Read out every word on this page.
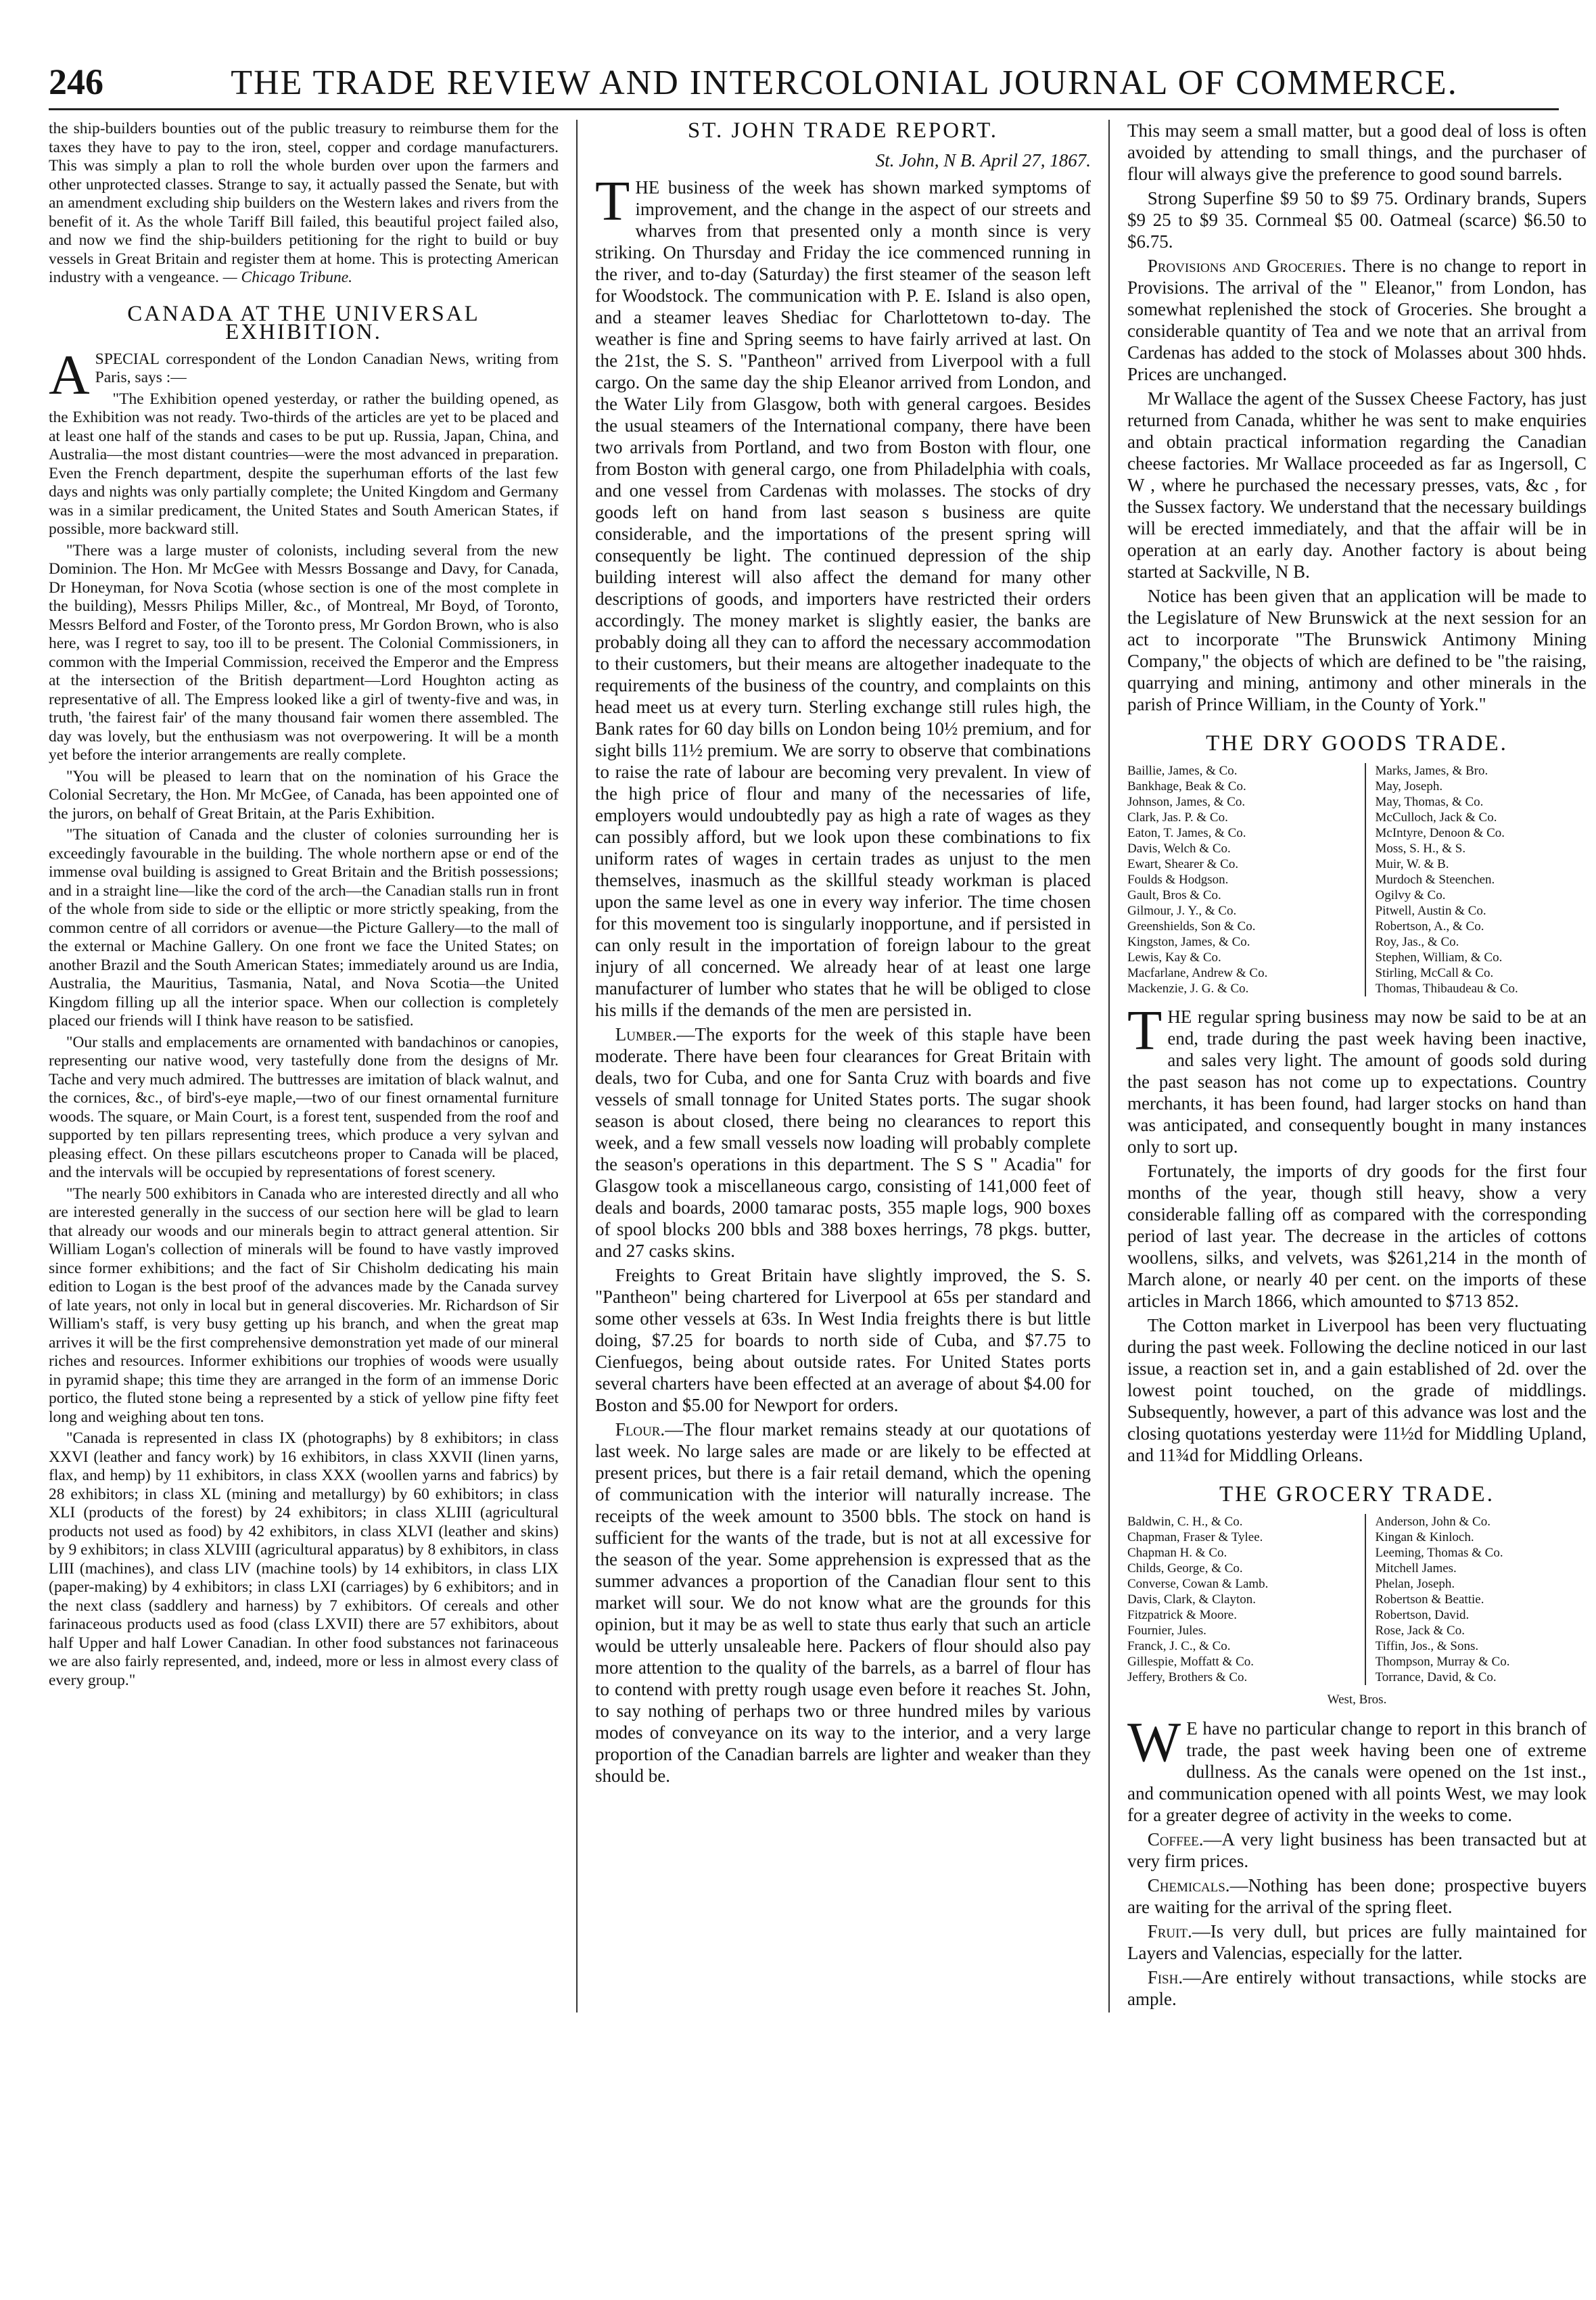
246	THE TRADE REVIEW AND INTERCOLONIAL JOURNAL OF COMMERCE.

the ship-builders bounties out of the public treasury to reimburse them for the taxes they have to pay to the iron, steel, copper and cordage manufacturers. This was simply a plan to roll the whole burden over upon the farmers and other unprotected classes. Strange to say, it actually passed the Senate, but with an amendment excluding ship builders on the Western lakes and rivers from the benefit of it. As the whole Tariff Bill failed, this beautiful project failed also, and now we find the ship-builders petitioning for the right to build or buy vessels in Great Britain and register them at home. This is protecting American industry with a vengeance. — Chicago Tribune.

CANADA AT THE UNIVERSAL EXHIBITION.

ASPECIAL correspondent of the London Canadian News, writing from Paris, says :—

"The Exhibition opened yesterday, or rather the building opened, as the Exhibition was not ready. Two-thirds of the articles are yet to be placed and at least one half of the stands and cases to be put up. Russia, Japan, China, and Australia—the most distant countries—were the most advanced in preparation. Even the French department, despite the superhuman efforts of the last few days and nights was only partially complete; the United Kingdom and Germany was in a similar predicament, the United States and South American States, if possible, more backward still.

"There was a large muster of colonists, including several from the new Dominion. The Hon. Mr McGee with Messrs Bossange and Davy, for Canada, Dr Honeyman, for Nova Scotia (whose section is one of the most complete in the building), Messrs Philips Miller, &c., of Montreal, Mr Boyd, of Toronto, Messrs Belford and Foster, of the Toronto press, Mr Gordon Brown, who is also here, was I regret to say, too ill to be present. The Colonial Commissioners, in common with the Imperial Commission, received the Emperor and the Empress at the intersection of the British department—Lord Houghton acting as representative of all. The Empress looked like a girl of twenty-five and was, in truth, 'the fairest fair' of the many thousand fair women there assembled. The day was lovely, but the enthusiasm was not overpowering. It will be a month yet before the interior arrangements are really complete.

"You will be pleased to learn that on the nomination of his Grace the Colonial Secretary, the Hon. Mr McGee, of Canada, has been appointed one of the jurors, on behalf of Great Britain, at the Paris Exhibition.

"The situation of Canada and the cluster of colonies surrounding her is exceedingly favourable in the building. The whole northern apse or end of the immense oval building is assigned to Great Britain and the British possessions; and in a straight line—like the cord of the arch—the Canadian stalls run in front of the whole from side to side or the elliptic or more strictly speaking, from the common centre of all corridors or avenue—the Picture Gallery—to the mall of the external or Machine Gallery. On one front we face the United States; on another Brazil and the South American States; immediately around us are India, Australia, the Mauritius, Tasmania, Natal, and Nova Scotia—the United Kingdom filling up all the interior space. When our collection is completely placed our friends will I think have reason to be satisfied.

"Our stalls and emplacements are ornamented with bandachinos or canopies, representing our native wood, very tastefully done from the designs of Mr. Tache and very much admired. The buttresses are imitation of black walnut, and the cornices, &c., of bird's-eye maple,—two of our finest ornamental furniture woods. The square, or Main Court, is a forest tent, suspended from the roof and supported by ten pillars representing trees, which produce a very sylvan and pleasing effect. On these pillars escutcheons proper to Canada will be placed, and the intervals will be occupied by representations of forest scenery.

"The nearly 500 exhibitors in Canada who are interested directly and all who are interested generally in the success of our section here will be glad to learn that already our woods and our minerals begin to attract general attention. Sir William Logan's collection of minerals will be found to have vastly improved since former exhibitions; and the fact of Sir Chisholm dedicating his main edition to Logan is the best proof of the advances made by the Canada survey of late years, not only in local but in general discoveries. Mr. Richardson of Sir William's staff, is very busy getting up his branch, and when the great map arrives it will be the first comprehensive demonstration yet made of our mineral riches and resources. Informer exhibitions our trophies of woods were usually in pyramid shape; this time they are arranged in the form of an immense Doric portico, the fluted stone being a represented by a stick of yellow pine fifty feet long and weighing about ten tons.

"Canada is represented in class IX (photographs) by 8 exhibitors; in class XXVI (leather and fancy work) by 16 exhibitors, in class XXVII (linen yarns, flax, and hemp) by 11 exhibitors, in class XXX (woollen yarns and fabrics) by 28 exhibitors; in class XL (mining and metallurgy) by 60 exhibitors; in class XLI (products of the forest) by 24 exhibitors; in class XLIII (agricultural products not used as food) by 42 exhibitors, in class XLVI (leather and skins) by 9 exhibitors; in class XLVIII (agricultural apparatus) by 8 exhibitors, in class LIII (machines), and class LIV (machine tools) by 14 exhibitors, in class LIX (paper-making) by 4 exhibitors; in class LXI (carriages) by 6 exhibitors; and in the next class (saddlery and harness) by 7 exhibitors. Of cereals and other farinaceous products used as food (class LXVII) there are 57 exhibitors, about half Upper and half Lower Canadian. In other food substances not farinaceous we are also fairly represented, and, indeed, more or less in almost every class of every group."

ST. JOHN TRADE REPORT.
St. John, N B. April 27, 1867.

THE business of the week has shown marked symptoms of improvement, and the change in the aspect of our streets and wharves from that presented only a month since is very striking. On Thursday and Friday the ice commenced running in the river, and to-day (Saturday) the first steamer of the season left for Woodstock. The communication with P. E. Island is also open, and a steamer leaves Shediac for Charlottetown to-day. The weather is fine and Spring seems to have fairly arrived at last. On the 21st, the S. S. "Pantheon" arrived from Liverpool with a full cargo. On the same day the ship Eleanor arrived from London, and the Water Lily from Glasgow, both with general cargoes. Besides the usual steamers of the International company, there have been two arrivals from Portland, and two from Boston with flour, one from Boston with general cargo, one from Philadelphia with coals, and one vessel from Cardenas with molasses. The stocks of dry goods left on hand from last season s business are quite considerable, and the importations of the present spring will consequently be light. The continued depression of the ship building interest will also affect the demand for many other descriptions of goods, and importers have restricted their orders accordingly. The money market is slightly easier, the banks are probably doing all they can to afford the necessary accommodation to their customers, but their means are altogether inadequate to the requirements of the business of the country, and complaints on this head meet us at every turn. Sterling exchange still rules high, the Bank rates for 60 day bills on London being 10½ premium, and for sight bills 11½ premium. We are sorry to observe that combinations to raise the rate of labour are becoming very prevalent. In view of the high price of flour and many of the necessaries of life, employers would undoubtedly pay as high a rate of wages as they can possibly afford, but we look upon these combinations to fix uniform rates of wages in certain trades as unjust to the men themselves, inasmuch as the skillful steady workman is placed upon the same level as one in every way inferior. The time chosen for this movement too is singularly inopportune, and if persisted in can only result in the importation of foreign labour to the great injury of all concerned. We already hear of at least one large manufacturer of lumber who states that he will be obliged to close his mills if the demands of the men are persisted in.

Lumber.—The exports for the week of this staple have been moderate. There have been four clearances for Great Britain with deals, two for Cuba, and one for Santa Cruz with boards and five vessels of small tonnage for United States ports. The sugar shook season is about closed, there being no clearances to report this week, and a few small vessels now loading will probably complete the season's operations in this department. The S S " Acadia" for Glasgow took a miscellaneous cargo, consisting of 141,000 feet of deals and boards, 2000 tamarac posts, 355 maple logs, 900 boxes of spool blocks 200 bbls and 388 boxes herrings, 78 pkgs. butter, and 27 casks skins.

Freights to Great Britain have slightly improved, the S. S. "Pantheon" being chartered for Liverpool at 65s per standard and some other vessels at 63s. In West India freights there is but little doing, $7.25 for boards to north side of Cuba, and $7.75 to Cienfuegos, being about outside rates. For United States ports several charters have been effected at an average of about $4.00 for Boston and $5.00 for Newport for orders.

Flour.—The flour market remains steady at our quotations of last week. No large sales are made or are likely to be effected at present prices, but there is a fair retail demand, which the opening of communication with the interior will naturally increase. The receipts of the week amount to 3500 bbls. The stock on hand is sufficient for the wants of the trade, but is not at all excessive for the season of the year. Some apprehension is expressed that as the summer advances a proportion of the Canadian flour sent to this market will sour. We do not know what are the grounds for this opinion, but it may be as well to state thus early that such an article would be utterly unsaleable here. Packers of flour should also pay more attention to the quality of the barrels, as a barrel of flour has to contend with pretty rough usage even before it reaches St. John, to say nothing of perhaps two or three hundred miles by various modes of conveyance on its way to the interior, and a very large proportion of the Canadian barrels are lighter and weaker than they should be.

This may seem a small matter, but a good deal of loss is often avoided by attending to small things, and the purchaser of flour will always give the preference to good sound barrels.

Strong Superfine $9 50 to $9 75. Ordinary brands, Supers $9 25 to $9 35. Cornmeal $5 00. Oatmeal (scarce) $6.50 to $6.75.

Provisions and Groceries. There is no change to report in Provisions. The arrival of the " Eleanor," from London, has somewhat replenished the stock of Groceries. She brought a considerable quantity of Tea and we note that an arrival from Cardenas has added to the stock of Molasses about 300 hhds. Prices are unchanged.

Mr Wallace the agent of the Sussex Cheese Factory, has just returned from Canada, whither he was sent to make enquiries and obtain practical information regarding the Canadian cheese factories. Mr Wallace proceeded as far as Ingersoll, C W , where he purchased the necessary presses, vats, &c , for the Sussex factory. We understand that the necessary buildings will be erected immediately, and that the affair will be in operation at an early day. Another factory is about being started at Sackville, N B.

Notice has been given that an application will be made to the Legislature of New Brunswick at the next session for an act to incorporate "The Brunswick Antimony Mining Company," the objects of which are defined to be "the raising, quarrying and mining, antimony and other minerals in the parish of Prince William, in the County of York."

THE DRY GOODS TRADE.
Baillie, James, & Co.
Bankhage, Beak & Co.
Johnson, James, & Co.
Clark, Jas. P. & Co.
Eaton, T. James, & Co.
Davis, Welch & Co.
Ewart, Shearer & Co.
Foulds & Hodgson.
Gault, Bros & Co.
Gilmour, J. Y., & Co.
Greenshields, Son & Co.
Kingston, James, & Co.
Lewis, Kay & Co.
Macfarlane, Andrew & Co.
Mackenzie, J. G. & Co.
Marks, James, & Bro.
May, Joseph.
May, Thomas, & Co.
McCulloch, Jack & Co.
McIntyre, Denoon & Co.
Moss, S. H., & S.
Muir, W. & B.
Murdoch & Steenchen.
Ogilvy & Co.
Pitwell, Austin & Co.
Robertson, A., & Co.
Roy, Jas., & Co.
Stephen, William, & Co.
Stirling, McCall & Co.
Thomas, Thibaudeau & Co.

THE regular spring business may now be said to be at an end, trade during the past week having been inactive, and sales very light. The amount of goods sold during the past season has not come up to expectations. Country merchants, it has been found, had larger stocks on hand than was anticipated, and consequently bought in many instances only to sort up.

Fortunately, the imports of dry goods for the first four months of the year, though still heavy, show a very considerable falling off as compared with the corresponding period of last year. The decrease in the articles of cottons woollens, silks, and velvets, was $261,214 in the month of March alone, or nearly 40 per cent. on the imports of these articles in March 1866, which amounted to $713 852.

The Cotton market in Liverpool has been very fluctuating during the past week. Following the decline noticed in our last issue, a reaction set in, and a gain established of 2d. over the lowest point touched, on the grade of middlings. Subsequently, however, a part of this advance was lost and the closing quotations yesterday were 11½d for Middling Upland, and 11¾d for Middling Orleans.

THE GROCERY TRADE.
Baldwin, C. H., & Co.
Chapman, Fraser & Tylee.
Chapman H. & Co.
Childs, George, & Co.
Converse, Cowan & Lamb.
Davis, Clark, & Clayton.
Fitzpatrick & Moore.
Fournier, Jules.
Franck, J. C., & Co.
Gillespie, Moffatt & Co.
Jeffery, Brothers & Co.
Anderson, John & Co.
Kingan & Kinloch.
Leeming, Thomas & Co.
Mitchell James.
Phelan, Joseph.
Robertson & Beattie.
Robertson, David.
Rose, Jack & Co.
Tiffin, Jos., & Sons.
Thompson, Murray & Co.
Torrance, David, & Co.
West, Bros.

W E have no particular change to report in this branch of trade, the past week having been one of extreme dullness. As the canals were opened on the 1st inst., and communication opened with all points West, we may look for a greater degree of activity in the weeks to come.

Coffee.—A very light business has been transacted but at very firm prices.

Chemicals.—Nothing has been done; prospective buyers are waiting for the arrival of the spring fleet.

Fruit.—Is very dull, but prices are fully maintained for Layers and Valencias, especially for the latter.

Fish.—Are entirely without transactions, while stocks are ample.
